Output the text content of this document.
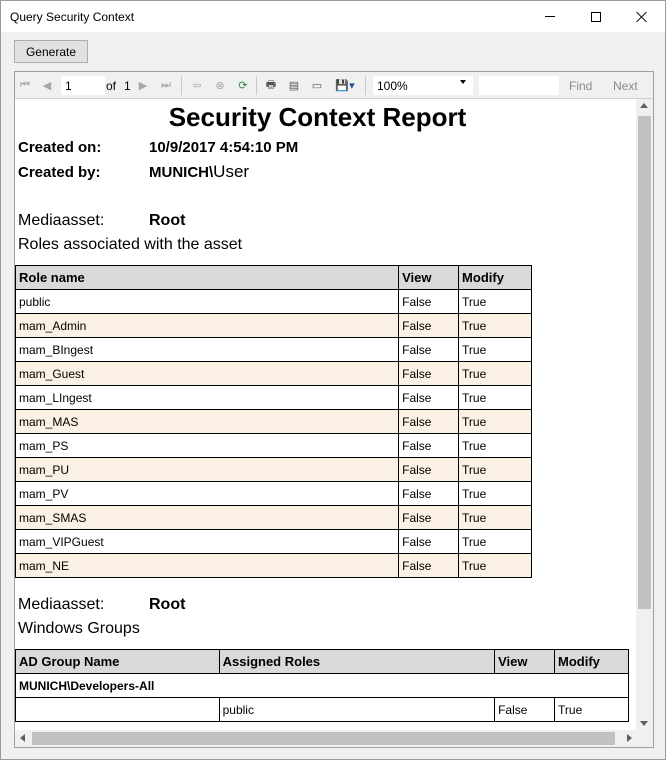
Query Security Context
Generate
⏮ ◀
1	of 1 ▶ ⏭ ⇦	⊗	⟳	🖶 ▤ ▭	💾▾
100%	Find Next
Security Context Report
Created on:	10/9/2017 4:54:10 PM
Created by:	MUNICH\User
Mediaasset:	Root
Roles associated with the asset
Role name	View	Modify
public	False	True
mam_Admin	False	True
mam_BIngest	False	True
mam_Guest	False	True
mam_LIngest	False	True
mam_MAS	False	True
mam_PS	False	True
mam_PU	False	True
mam_PV	False	True
mam_SMAS	False	True
mam_VIPGuest	False	True
mam_NE	False	True
Mediaasset:	Root
Windows Groups
AD Group Name	Assigned Roles	View	Modify
MUNICH\Developers-All			
	public	False	True
